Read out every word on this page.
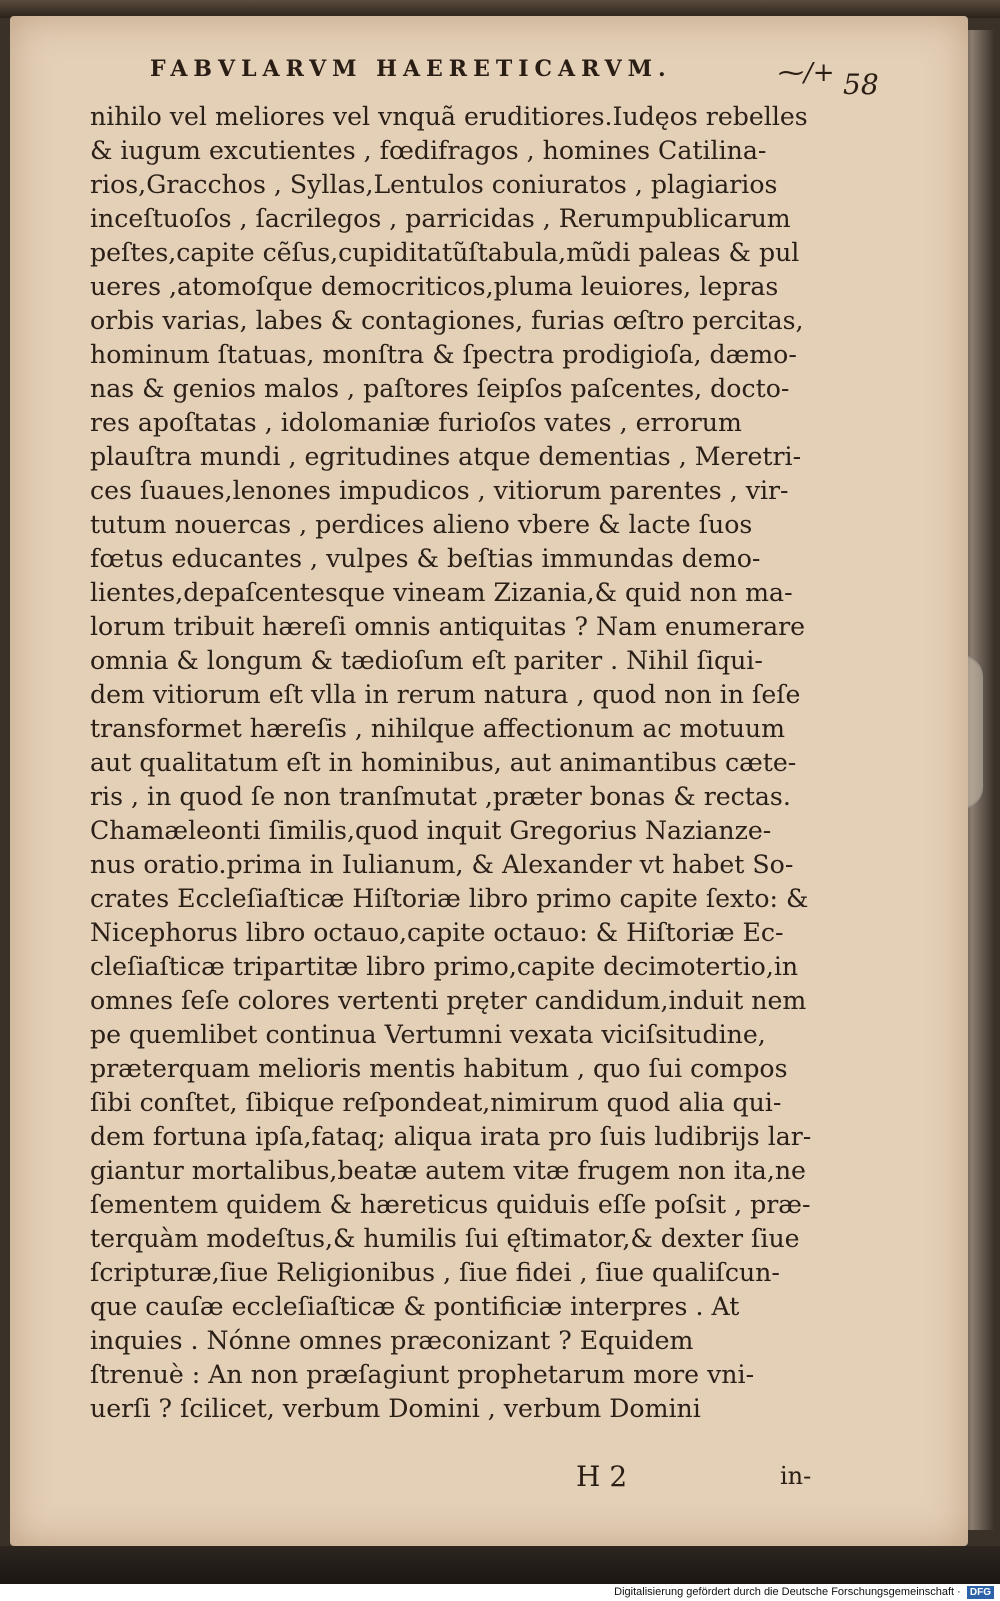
FABVLARVM HAERETICARVM.	⁓/+ 58
nihilo vel meliores vel vnquã eruditiores.Iudęos rebelles
& iugum excutientes , fœdifragos , homines Catilina-
rios,Gracchos , Syllas,Lentulos coniuratos , plagiarios
inceſtuoſos , ſacrilegos , parricidas , Rerumpublicarum
peſtes,capite cẽſus,cupiditatũſtabula,mũdi paleas & pul
ueres ,atomoſque democriticos,pluma leuiores, lepras
orbis varias, labes & contagiones, furias œſtro percitas,
hominum ſtatuas, monſtra & ſpectra prodigioſa, dæmo-
nas & genios malos , paſtores ſeipſos paſcentes, docto-
res apoſtatas , idolomaniæ furioſos vates , errorum
plauſtra mundi , egritudines atque dementias , Meretri-
ces ſuaues,lenones impudicos , vitiorum parentes , vir-
tutum nouercas , perdices alieno vbere & lacte ſuos
fœtus educantes , vulpes & beſtias immundas demo-
lientes,depaſcentesque vineam Zizania,& quid non ma-
lorum tribuit hæreſi omnis antiquitas ? Nam enumerare
omnia & longum & tædioſum eſt pariter . Nihil ſiqui-
dem vitiorum eſt vlla in rerum natura , quod non in ſeſe
transformet hæreſis , nihilque affectionum ac motuum
aut qualitatum eſt in hominibus, aut animantibus cæte-
ris , in quod ſe non tranſmutat ,præter bonas & rectas.
Chamæleonti ſimilis,quod inquit Gregorius Nazianze-
nus oratio.prima in Iulianum, & Alexander vt habet So-
crates Eccleſiaſticæ Hiſtoriæ libro primo capite ſexto: &
Nicephorus libro octauo,capite octauo: & Hiſtoriæ Ec-
cleſiaſticæ tripartitæ libro primo,capite decimotertio,in
omnes ſeſe colores vertenti pręter candidum,induit nem
pe quemlibet continua Vertumni vexata viciſsitudine,
præterquam melioris mentis habitum , quo ſui compos
ſibi conſtet, ſibique reſpondeat,nimirum quod alia qui-
dem fortuna ipſa,fataq; aliqua irata pro ſuis ludibrijs lar-
giantur mortalibus,beatæ autem vitæ frugem non ita,ne
ſementem quidem & hæreticus quiduis eſſe poſsit , præ-
terquàm modeſtus,& humilis ſui ęſtimator,& dexter ſiue
ſcripturæ,ſiue Religionibus , ſiue fidei , ſiue qualiſcun-
que cauſæ eccleſiaſticæ & pontificiæ interpres . At
inquies . Nónne omnes præconizant ? Equidem
ſtrenuè : An non præſagiunt prophetarum more vni-
uerſi ? ſcilicet, verbum Domini , verbum Domini
H 2	in-
Digitalisierung gefördert durch die Deutsche Forschungsgemeinschaft · DFG
